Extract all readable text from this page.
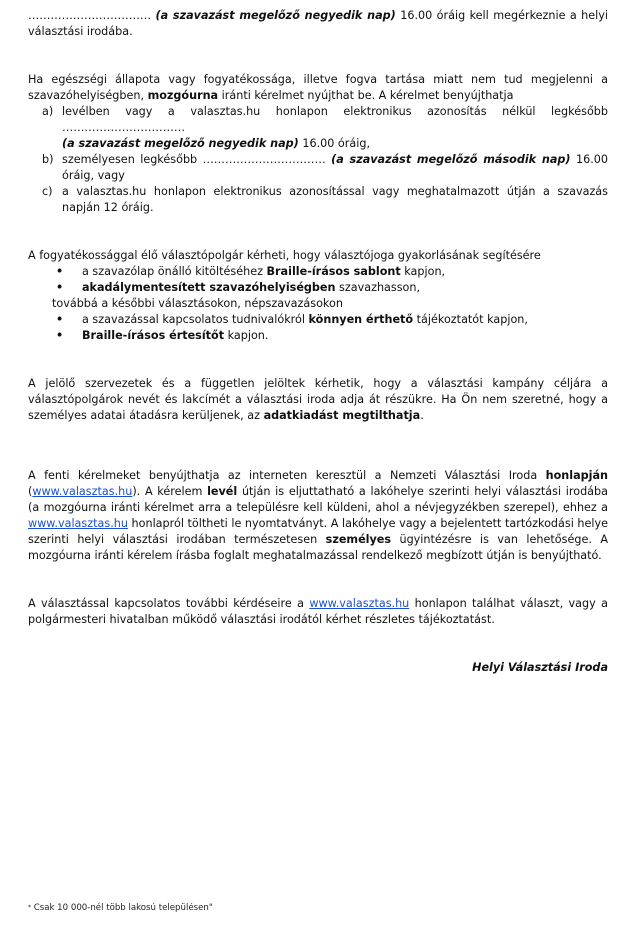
…………………………… (a szavazást megelőző negyedik nap) 16.00 óráig kell megérkeznie a helyi választási irodába.

Ha egészségi állapota vagy fogyatékossága, illetve fogva tartása miatt nem tud megjelenni a szavazóhelyiségben, mozgóurna iránti kérelmet nyújthat be. A kérelmet benyújthatja

a) levélben vagy a valasztas.hu honlapon elektronikus azonosítás nélkül legkésőbb ……………………………
(a szavazást megelőző negyedik nap) 16.00 óráig,
b) személyesen legkésőbb …………………………… (a szavazást megelőző második nap) 16.00 óráig, vagy
c) a valasztas.hu honlapon elektronikus azonosítással vagy meghatalmazott útján a szavazás napján 12 óráig.

A fogyatékossággal élő választópolgár kérheti, hogy választójoga gyakorlásának segítésére

• a szavazólap önálló kitöltéséhez Braille-írásos sablont kapjon,
• akadálymentesített szavazóhelyiségben szavazhasson,

továbbá a későbbi választásokon, népszavazásokon

• a szavazással kapcsolatos tudnivalókról könnyen érthető tájékoztatót kapjon,
• Braille-írásos értesítőt kapjon.

A jelölő szervezetek és a független jelöltek kérhetik, hogy a választási kampány céljára a választópolgárok nevét és lakcímét a választási iroda adja át részükre. Ha Ön nem szeretné, hogy a személyes adatai átadásra kerüljenek, az adatkiadást megtilthatja.

A fenti kérelmeket benyújthatja az interneten keresztül a Nemzeti Választási Iroda honlapján (www.valasztas.hu). A kérelem levél útján is eljuttatható a lakóhelye szerinti helyi választási irodába (a mozgóurna iránti kérelmet arra a településre kell küldeni, ahol a névjegyzékben szerepel), ehhez a www.valasztas.hu honlapról töltheti le nyomtatványt. A lakóhelye vagy a bejelentett tartózkodási helye szerinti helyi választási irodában természetesen személyes ügyintézésre is van lehetősége. A mozgóurna iránti kérelem írásba foglalt meghatalmazással rendelkező megbízott útján is benyújtható.

A választással kapcsolatos további kérdéseire a www.valasztas.hu honlapon találhat választ, vagy a polgármesteri hivatalban működő választási irodától kérhet részletes tájékoztatást.

Helyi Választási Iroda

* Csak 10 000-nél több lakosú településen"
